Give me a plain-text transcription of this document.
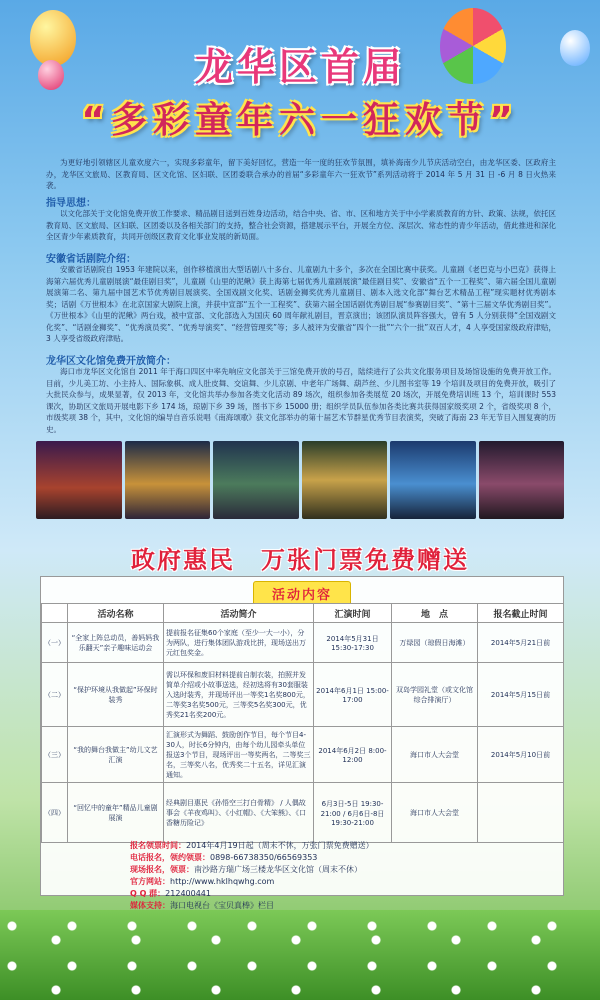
龙华区首届
“多彩童年六一狂欢节”
为更好地引领辖区儿童欢度六一，实现多彩童年，留下美好回忆，营造一年一度的狂欢节氛围，填补海南少儿节庆活动空白，由龙华区委、区政府主办，龙华区文旅局、区教育局、区文化馆、区妇联、区团委联合承办的首届“多彩童年六一狂欢节”系列活动将于 2014 年 5 月 31 日 -6 月 8 日火热来袭。
指导思想：
以文化部关于文化馆免费开放工作要求、精品剧目送到百姓身边活动，结合中央、省、市、区和地方关于中小学素质教育的方针、政策、法规，依托区教育局、区文旅局、区妇联、区团委以及各相关部门的支持，整合社会资源，搭建展示平台，开展全方位、深层次、常态性的青少年活动，借此推进和深化全区青少年素质教育，共同开创级区教育文化事业发展的新局面。
安徽省话剧院介绍：
安徽省话剧院自 1953 年建院以来，创作移植演出大型话剧八十多台、儿童剧九十多个，多次在全国比赛中获奖。儿童剧《老巴克与小巴克》获得上海第六届优秀儿童剧展演“最佳剧目奖”，儿童剧《山里的泥鳅》获上海第七届优秀儿童剧展演“最佳剧目奖”、安徽省“五个一工程奖”、第六届全国儿童剧展演第二名、第九届中国艺术节优秀剧目展演奖、全国戏剧文化奖、话剧金狮奖优秀儿童剧目、剧本入选文化部“舞台艺术精品工程”现实题材优秀剧本奖；话剧《万世根本》在北京国家大剧院上演，并获中宣部“五个一工程奖”、获第六届全国话剧优秀剧目展“参赛剧目奖”、“第十三届文华优秀剧目奖”。《万世根本》《山里的泥鳅》两台戏，被中宣部、文化部选入为国庆 60 周年献礼剧目，晋京演出；该团队演员阵容强大，曾有 5 人分别获得“全国戏剧文化奖”、“话剧金狮奖”、“优秀演员奖”、“优秀导演奖”、“经营管理奖”等；多人被评为安徽省“四个一批”“六个一批”双百人才，4 人享受国家级政府津贴，3 人享受省级政府津贴。
龙华区文化馆免费开放简介：
海口市龙华区文化馆自 2011 年于海口四区中率先响应文化部关于三馆免费开放的号召，陆续进行了公共文化服务项目及场馆设施的免费开放工作。目前，少儿美工坊、小主持人、国际象棋、成人肚皮舞、交谊舞、少儿京剧、中老年广场舞、葫芦丝、少儿图书室等 19 个培训及项目的免费开放，吸引了大批民众参与，成果显著，仅 2013 年，文化馆共举办参加各类文化活动 89 场次，组织参加各类展览 20 场次，开展免费培训班 13 个，培训课时 553 课次，协助区文旅局开展电影下乡 174 场，琼剧下乡 39 场，图书下乡 15000 册；组织学员队伍参加各类比赛共获得国家级奖项 2 个，省级奖项 8 个，市级奖项 38 个，其中，文化馆的编导自音乐说唱《南海颂歌》获文化部举办的第十届艺术节群星优秀节目表演奖，突破了海南 23 年无节目入围复赛的历史。
政府惠民　万张门票免费赠送
活动内容
	活动名称	活动简介	汇演时间	地　点	报名截止时间
（一）	“全家上阵总动员，善妈妈我乐翻天”亲子趣味运动会	提前报名征集60个家庭（至少一大一小），分为两队，进行集体团队游戏比拼，现场送出万元红包奖金。	2014年5月31日 15:30-17:30	万绿园（琼假日海滩）	2014年5月21日前
（二）	“保护环境从我做起”环保时装秀	需以环保和废旧材料提前自制衣装，拍照并发简单介绍或小故事送选，经初选将有30套服装入选时装秀，并现场评出一等奖1名奖800元，二等奖3名奖500元，三等奖5名奖300元，优秀奖21名奖200元。	2014年6月1日 15:00-17:00	双岛学园礼堂（或文化馆综合排演厅）	2014年5月15日前
（三）	“我的舞台我做主”幼儿文艺汇演	汇演形式为舞蹈、鼓励创作节目，每个节目4-30人，时长6分钟内，由每个幼儿园牵头单位报送3个节目，现场评出一等奖两名，二等奖三名，三等奖八名，优秀奖二十五名，详见汇演通知。	2014年6月2日 8:00-12:00	海口市人大会堂	2014年5月10日前
（四）	“回忆中的童年”精品儿童剧展演	经典剧目惠民《孙悟空三打白骨精》 / 人偶故事会《羊夜鸡叫》、《小红帽》、《大笨熊》、《口香糖历险记》	6月3日-5日 19:30-21:00 / 6月6日-8日 19:30-21:00	海口市人大会堂	
报名领票时间：2014年4月19日起（周末不休，万张门票免费赠送）
电话报名，领约领票：0898-66738350/66569353
现场报名，领票：南沙路方瑞广场三楼龙华区文化馆（周末不休）
官方网站：http://www.hklhqwhg.com
Q Q 群：212400441
媒体支持：海口电视台《宝贝真棒》栏目
